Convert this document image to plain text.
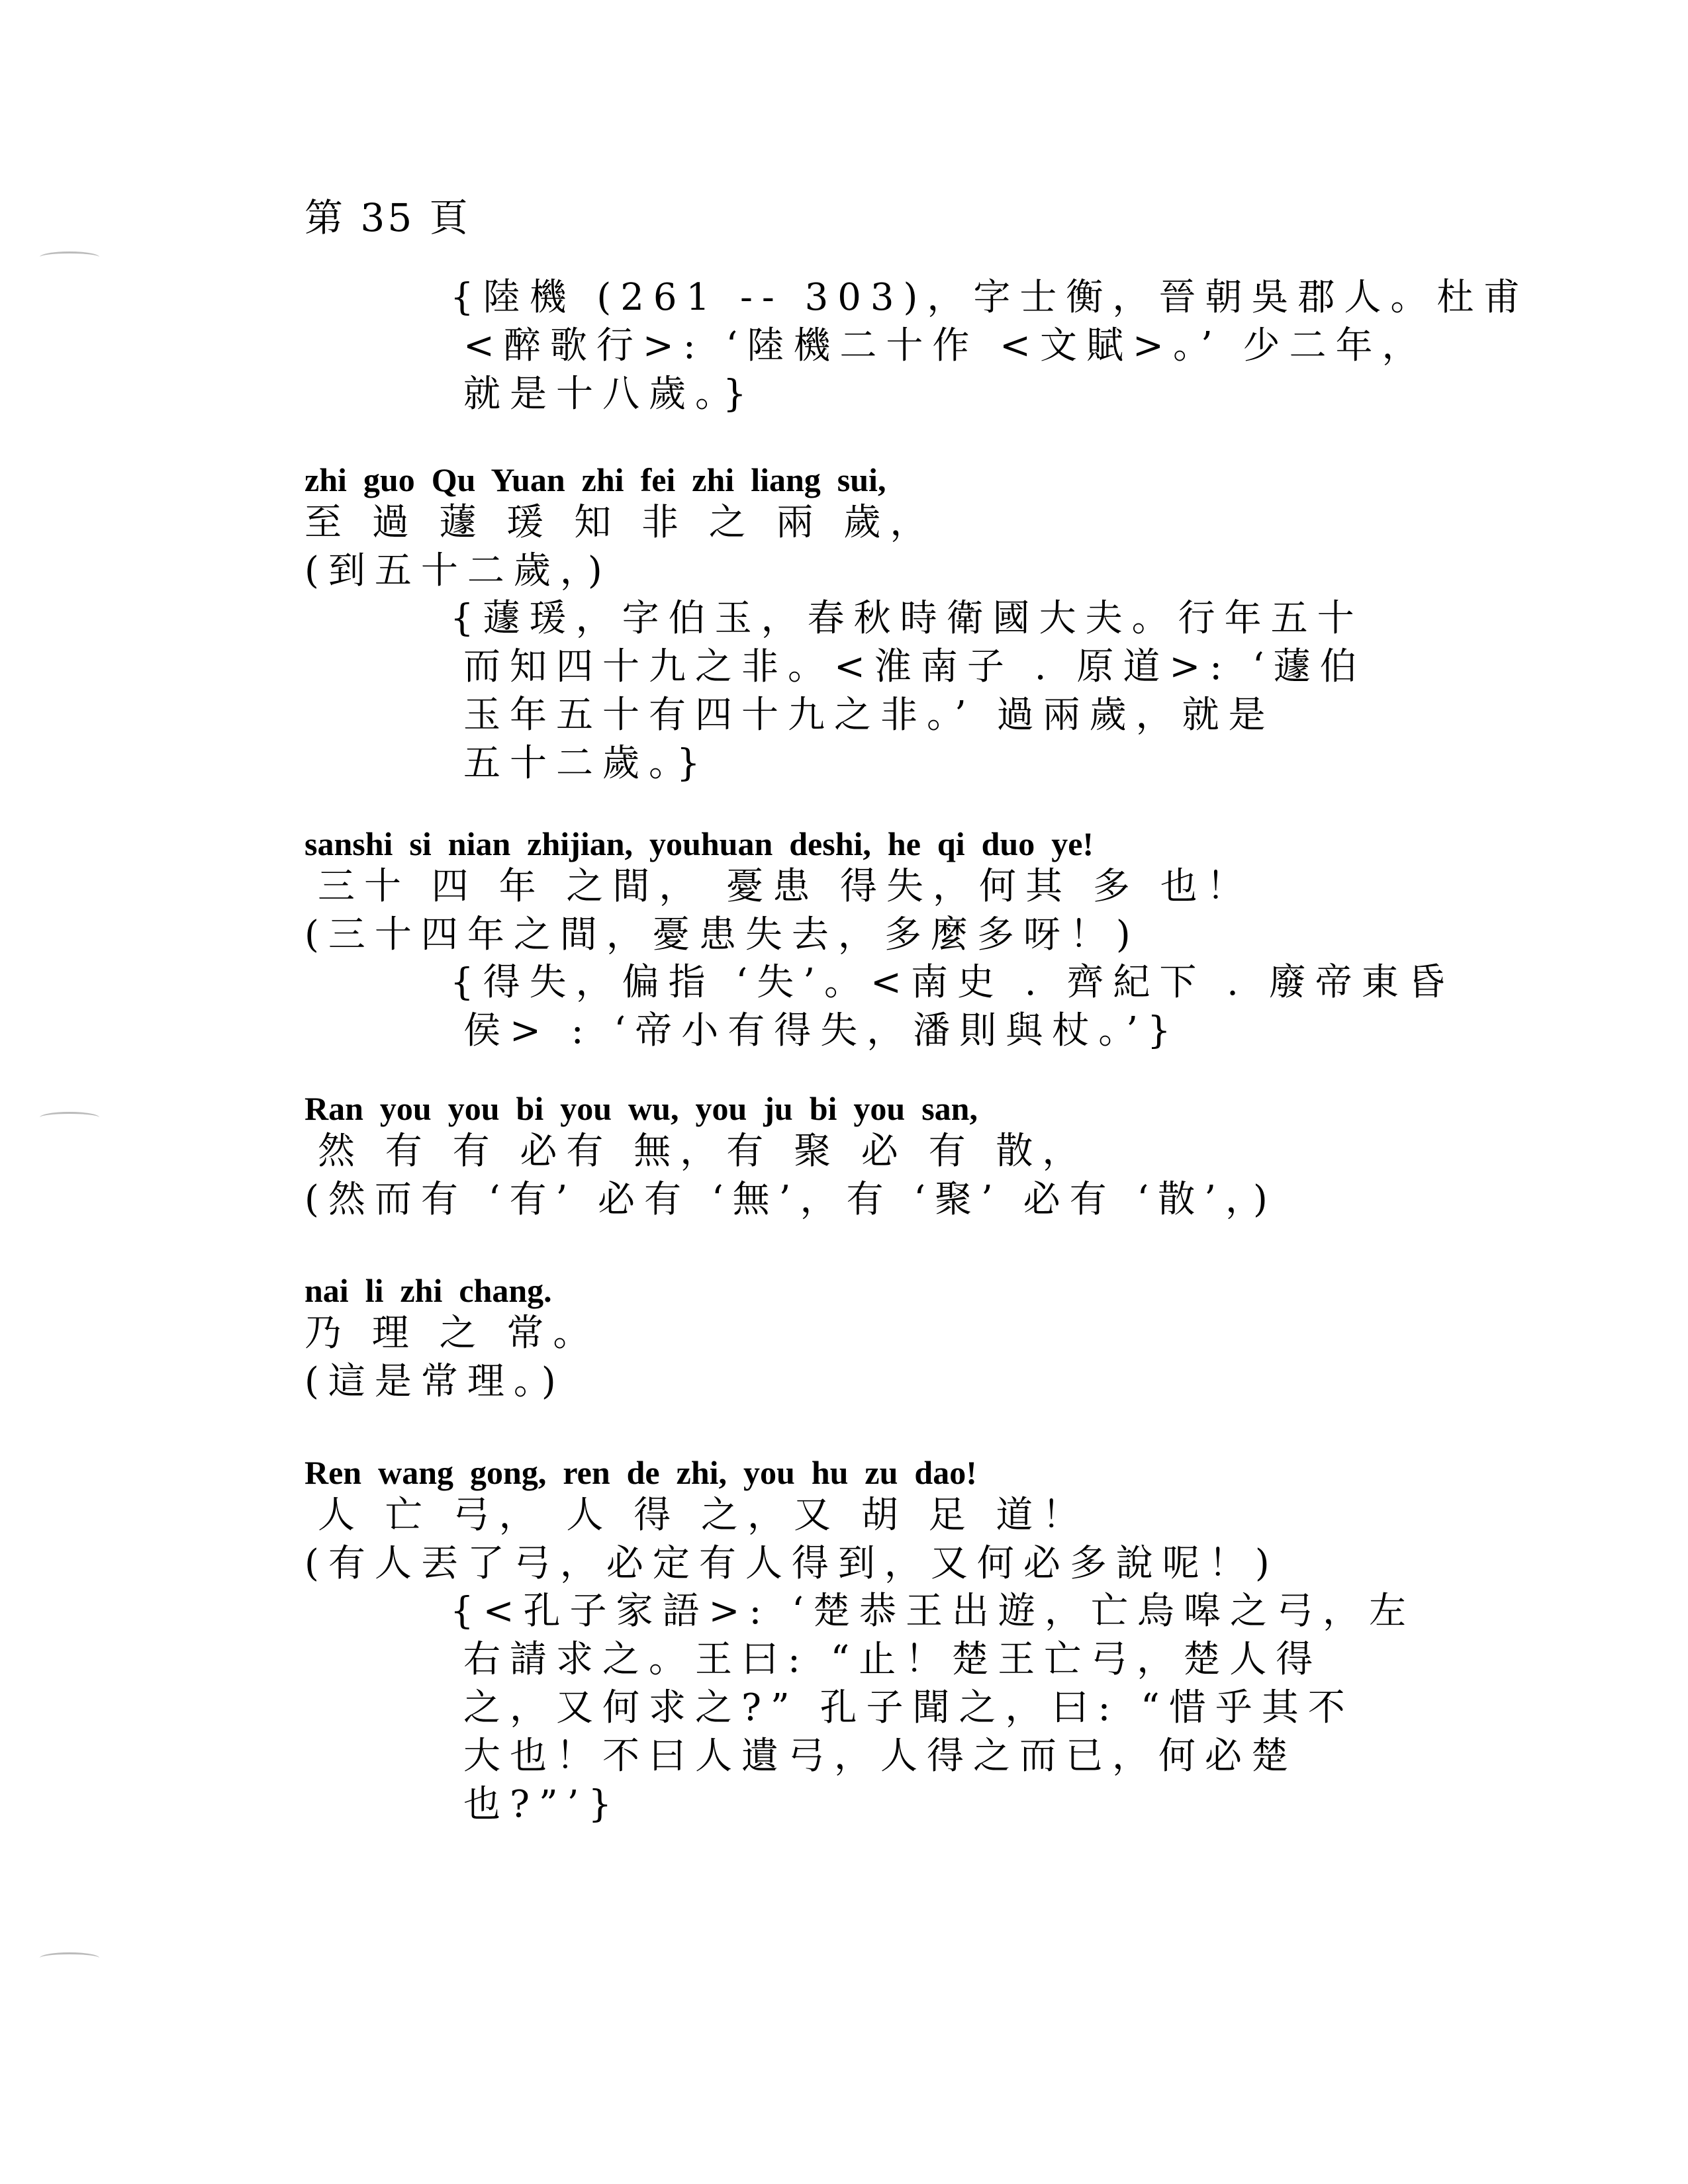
第 35 頁
{陸機 (261 -- 303)，字士衡，晉朝吳郡人。杜甫
<醉歌行>: ‘陸機二十作 <文賦>。’ 少二年，
就是十八歲。}
zhi  guo  Qu  Yuan  zhi  fei  zhi  liang  sui,
至 過 蘧 瑗 知 非 之 兩 歲，
(到五十二歲，)
{蘧瑗，字伯玉，春秋時衛國大夫。行年五十
而知四十九之非。<淮南子 . 原道>: ‘蘧伯
玉年五十有四十九之非。’ 過兩歲，就是
五十二歲。}
sanshi  si  nian  zhijian,  youhuan  deshi,  he  qi  duo  ye!
三十 四 年 之間， 憂患 得失，何其 多 也！
(三十四年之間，憂患失去，多麼多呀！)
{得失，偏指 ‘失’。<南史 . 齊紀下 . 廢帝東昏
侯> : ‘帝小有得失，潘則與杖。’}
Ran  you  you  bi  you  wu,  you  ju  bi  you  san,
然 有 有 必有 無，有 聚 必 有 散，
(然而有 ‘有’ 必有 ‘無’，有 ‘聚’ 必有 ‘散’，)
nai  li  zhi  chang.
乃 理 之 常。
(這是常理。)
Ren  wang  gong,  ren  de  zhi,  you  hu  zu  dao!
人 亡 弓， 人 得 之，又 胡 足 道！
(有人丟了弓，必定有人得到，又何必多說呢！)
{<孔子家語>: ‘楚恭王出遊，亡烏嗥之弓，左
右請求之。王曰: “止！楚王亡弓，楚人得
之，又何求之?” 孔子聞之，曰: “惜乎其不
大也！不曰人遺弓，人得之而已，何必楚
也?”’}
